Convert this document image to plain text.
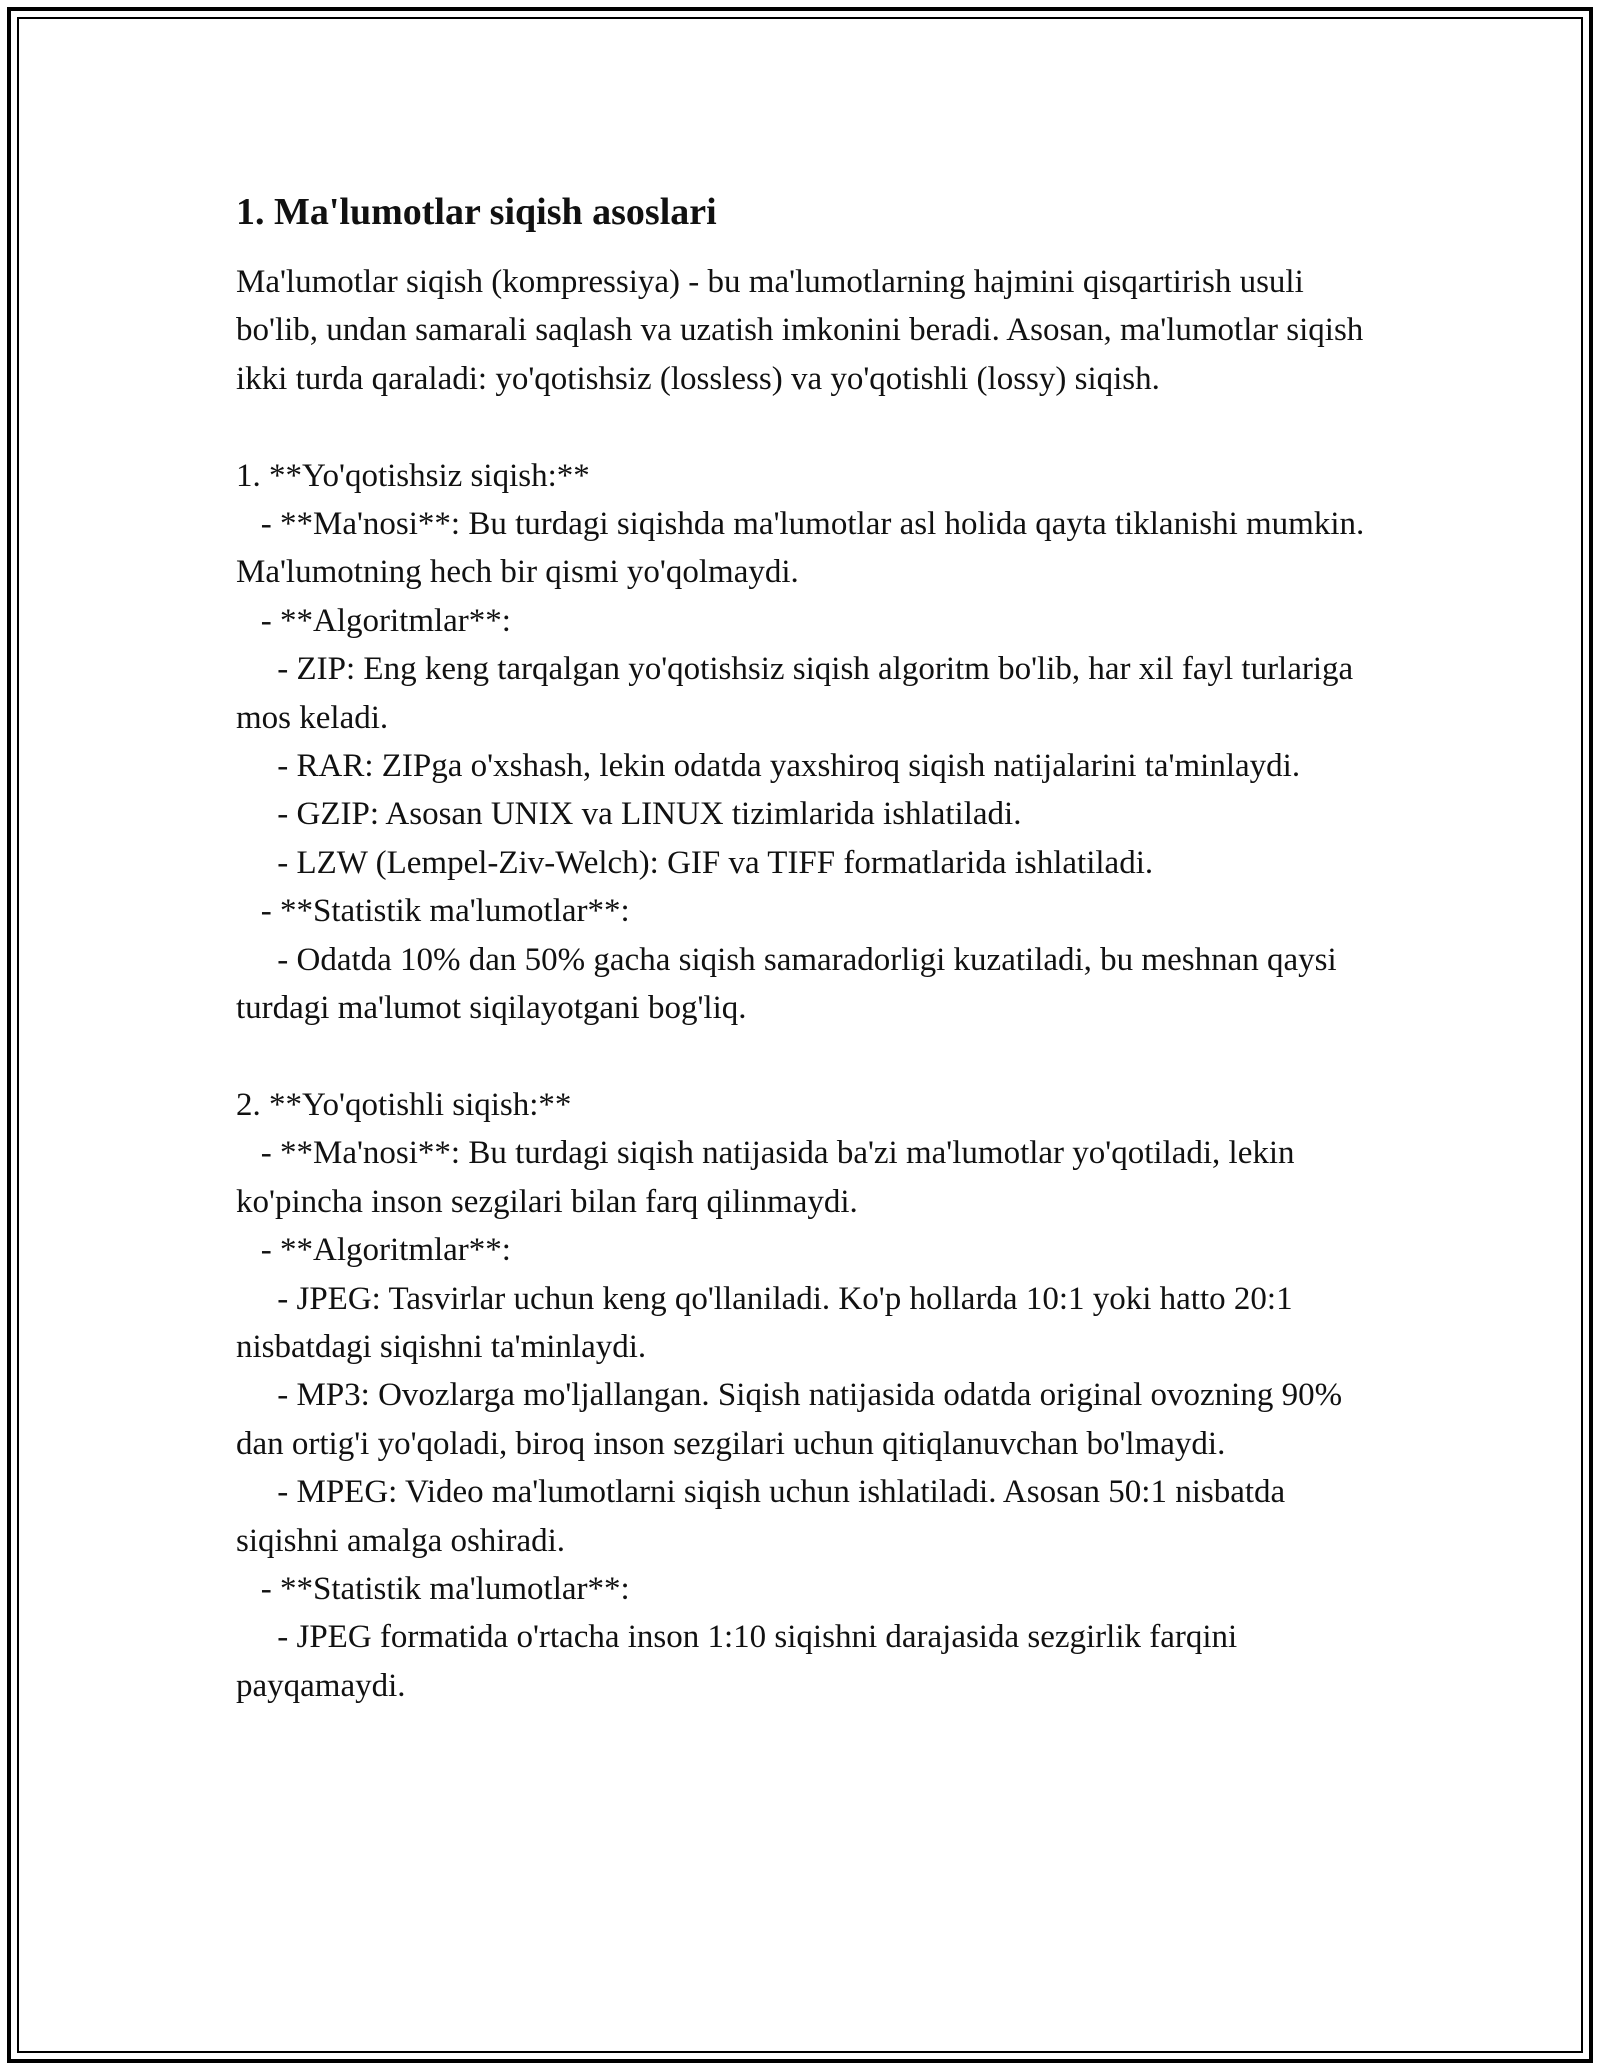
1. Ma'lumotlar siqish asoslari

Ma'lumotlar siqish (kompressiya) - bu ma'lumotlarning hajmini qisqartirish usuli bo'lib, undan samarali saqlash va uzatish imkonini beradi. Asosan, ma'lumotlar siqish ikki turda qaraladi: yo'qotishsiz (lossless) va yo'qotishli (lossy) siqish.

1. **Yo'qotishsiz siqish:**

- **Ma'nosi**: Bu turdagi siqishda ma'lumotlar asl holida qayta tiklanishi mumkin. Ma'lumotning hech bir qismi yo'qolmaydi.

- **Algoritmlar**:

- ZIP: Eng keng tarqalgan yo'qotishsiz siqish algoritm bo'lib, har xil fayl turlariga mos keladi.

- RAR: ZIPga o'xshash, lekin odatda yaxshiroq siqish natijalarini ta'minlaydi.

- GZIP: Asosan UNIX va LINUX tizimlarida ishlatiladi.

- LZW (Lempel-Ziv-Welch): GIF va TIFF formatlarida ishlatiladi.

- **Statistik ma'lumotlar**:

- Odatda 10% dan 50% gacha siqish samaradorligi kuzatiladi, bu meshnan qaysi turdagi ma'lumot siqilayotgani bog'liq.

2. **Yo'qotishli siqish:**

- **Ma'nosi**: Bu turdagi siqish natijasida ba'zi ma'lumotlar yo'qotiladi, lekin ko'pincha inson sezgilari bilan farq qilinmaydi.

- **Algoritmlar**:

- JPEG: Tasvirlar uchun keng qo'llaniladi. Ko'p hollarda 10:1 yoki hatto 20:1 nisbatdagi siqishni ta'minlaydi.

- MP3: Ovozlarga mo'ljallangan. Siqish natijasida odatda original ovozning 90% dan ortig'i yo'qoladi, biroq inson sezgilari uchun qitiqlanuvchan bo'lmaydi.

- MPEG: Video ma'lumotlarni siqish uchun ishlatiladi. Asosan 50:1 nisbatda siqishni amalga oshiradi.

- **Statistik ma'lumotlar**:

- JPEG formatida o'rtacha inson 1:10 siqishni darajasida sezgirlik farqini payqamaydi.
